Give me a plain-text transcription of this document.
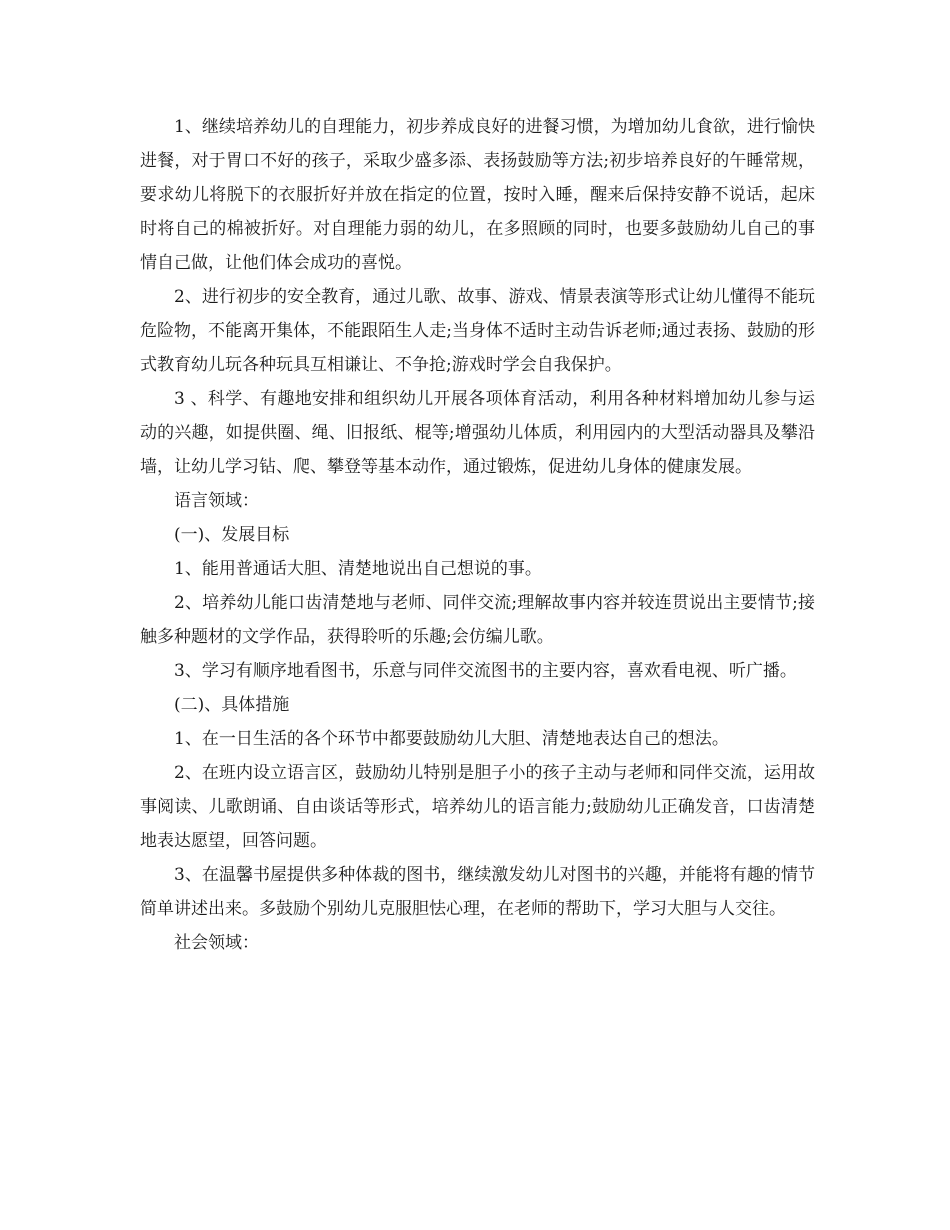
1、继续培养幼儿的自理能力，初步养成良好的进餐习惯，为增加幼儿食欲，进行愉快进餐，对于胃口不好的孩子，采取少盛多添、表扬鼓励等方法;初步培养良好的午睡常规，要求幼儿将脱下的衣服折好并放在指定的位置，按时入睡，醒来后保持安静不说话，起床时将自己的棉被折好。对自理能力弱的幼儿，在多照顾的同时，也要多鼓励幼儿自己的事情自己做，让他们体会成功的喜悦。

2、进行初步的安全教育，通过儿歌、故事、游戏、情景表演等形式让幼儿懂得不能玩危险物，不能离开集体，不能跟陌生人走;当身体不适时主动告诉老师;通过表扬、鼓励的形式教育幼儿玩各种玩具互相谦让、不争抢;游戏时学会自我保护。

3 、科学、有趣地安排和组织幼儿开展各项体育活动，利用各种材料增加幼儿参与运动的兴趣，如提供圈、绳、旧报纸、棍等;增强幼儿体质，利用园内的大型活动器具及攀沿墙，让幼儿学习钻、爬、攀登等基本动作，通过锻炼，促进幼儿身体的健康发展。

语言领域：

(一)、发展目标

1、能用普通话大胆、清楚地说出自己想说的事。

2、培养幼儿能口齿清楚地与老师、同伴交流;理解故事内容并较连贯说出主要情节;接触多种题材的文学作品，获得聆听的乐趣;会仿编儿歌。

3、学习有顺序地看图书，乐意与同伴交流图书的主要内容，喜欢看电视、听广播。

(二)、具体措施

1、在一日生活的各个环节中都要鼓励幼儿大胆、清楚地表达自己的想法。

2、在班内设立语言区，鼓励幼儿特别是胆子小的孩子主动与老师和同伴交流，运用故事阅读、儿歌朗诵、自由谈话等形式，培养幼儿的语言能力;鼓励幼儿正确发音，口齿清楚地表达愿望，回答问题。

3、在温馨书屋提供多种体裁的图书，继续激发幼儿对图书的兴趣，并能将有趣的情节简单讲述出来。多鼓励个别幼儿克服胆怯心理，在老师的帮助下，学习大胆与人交往。

社会领域：
